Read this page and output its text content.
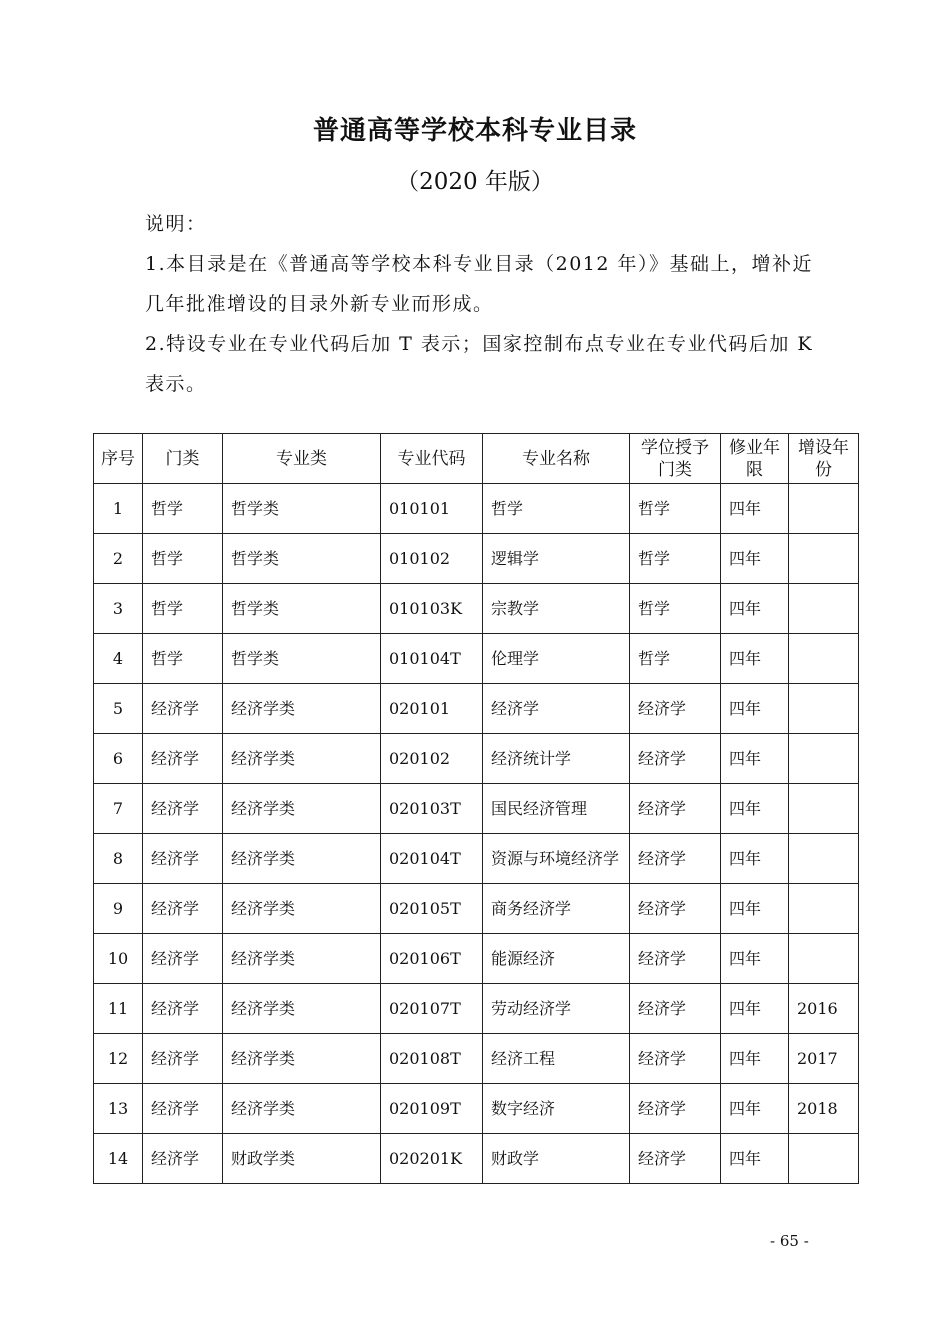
普通高等学校本科专业目录
（2020 年版）

说明：

1.本目录是在《普通高等学校本科专业目录（2012 年）》基础上，增补近几年批准增设的目录外新专业而形成。

2.特设专业在专业代码后加 T 表示；国家控制布点专业在专业代码后加 K 表示。

序号	门类	专业类	专业代码	专业名称	学位授予门类	修业年限	增设年份
1	哲学	哲学类	010101	哲学	哲学	四年	
2	哲学	哲学类	010102	逻辑学	哲学	四年	
3	哲学	哲学类	010103K	宗教学	哲学	四年	
4	哲学	哲学类	010104T	伦理学	哲学	四年	
5	经济学	经济学类	020101	经济学	经济学	四年	
6	经济学	经济学类	020102	经济统计学	经济学	四年	
7	经济学	经济学类	020103T	国民经济管理	经济学	四年	
8	经济学	经济学类	020104T	资源与环境经济学	经济学	四年	
9	经济学	经济学类	020105T	商务经济学	经济学	四年	
10	经济学	经济学类	020106T	能源经济	经济学	四年	
11	经济学	经济学类	020107T	劳动经济学	经济学	四年	2016
12	经济学	经济学类	020108T	经济工程	经济学	四年	2017
13	经济学	经济学类	020109T	数字经济	经济学	四年	2018
14	经济学	财政学类	020201K	财政学	经济学	四年	
- 65 -
